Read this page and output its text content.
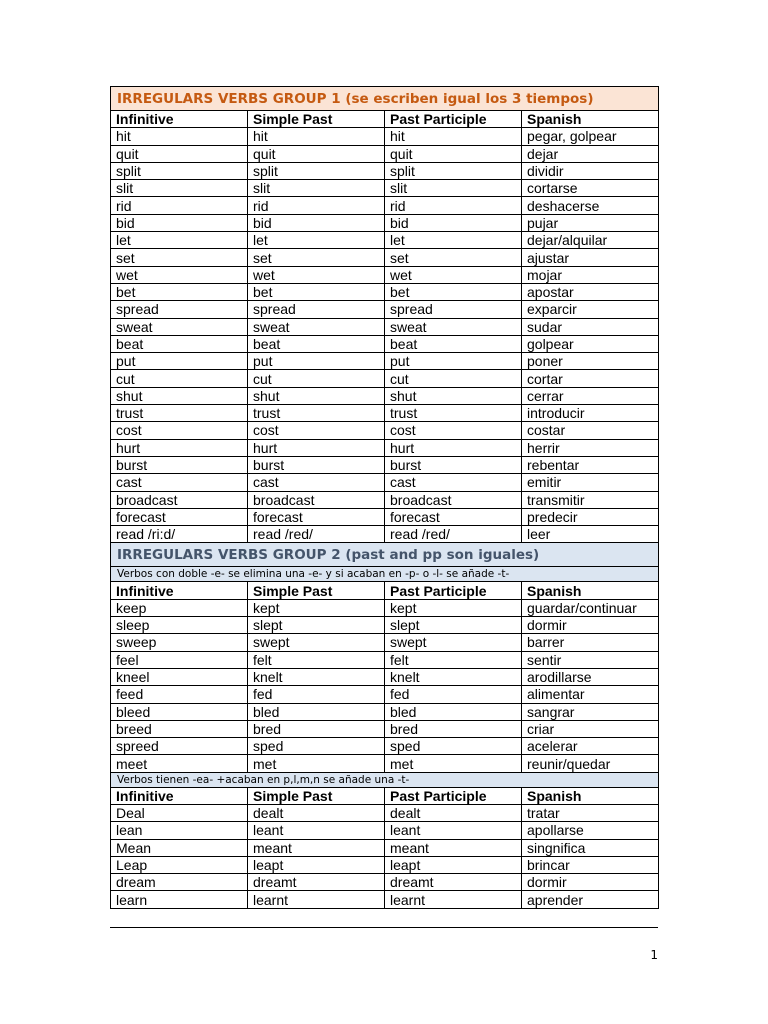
IRREGULARS VERBS GROUP 1 (se escriben igual los 3 tiempos)			
Infinitive	Simple Past	Past Participle	Spanish
hit	hit	hit	pegar, golpear
quit	quit	quit	dejar
split	split	split	dividir
slit	slit	slit	cortarse
rid	rid	rid	deshacerse
bid	bid	bid	pujar
let	let	let	dejar/alquilar
set	set	set	ajustar
wet	wet	wet	mojar
bet	bet	bet	apostar
spread	spread	spread	exparcir
sweat	sweat	sweat	sudar
beat	beat	beat	golpear
put	put	put	poner
cut	cut	cut	cortar
shut	shut	shut	cerrar
trust	trust	trust	introducir
cost	cost	cost	costar
hurt	hurt	hurt	herrir
burst	burst	burst	rebentar
cast	cast	cast	emitir
broadcast	broadcast	broadcast	transmitir
forecast	forecast	forecast	predecir
read /ri:d/	read /red/	read /red/	leer
IRREGULARS VERBS GROUP 2 (past and pp son iguales)			
Verbos con doble -e- se elimina una -e- y si acaban en -p- o -l- se añade -t-			
Infinitive	Simple Past	Past Participle	Spanish
keep	kept	kept	guardar/continuar
sleep	slept	slept	dormir
sweep	swept	swept	barrer
feel	felt	felt	sentir
kneel	knelt	knelt	arodillarse
feed	fed	fed	alimentar
bleed	bled	bled	sangrar
breed	bred	bred	criar
spreed	sped	sped	acelerar
meet	met	met	reunir/quedar
Verbos tienen -ea- +acaban en p,l,m,n se añade una -t-			
Infinitive	Simple Past	Past Participle	Spanish
Deal	dealt	dealt	tratar
lean	leant	leant	apollarse
Mean	meant	meant	singnifica
Leap	leapt	leapt	brincar
dream	dreamt	dreamt	dormir
learn	learnt	learnt	aprender
1
